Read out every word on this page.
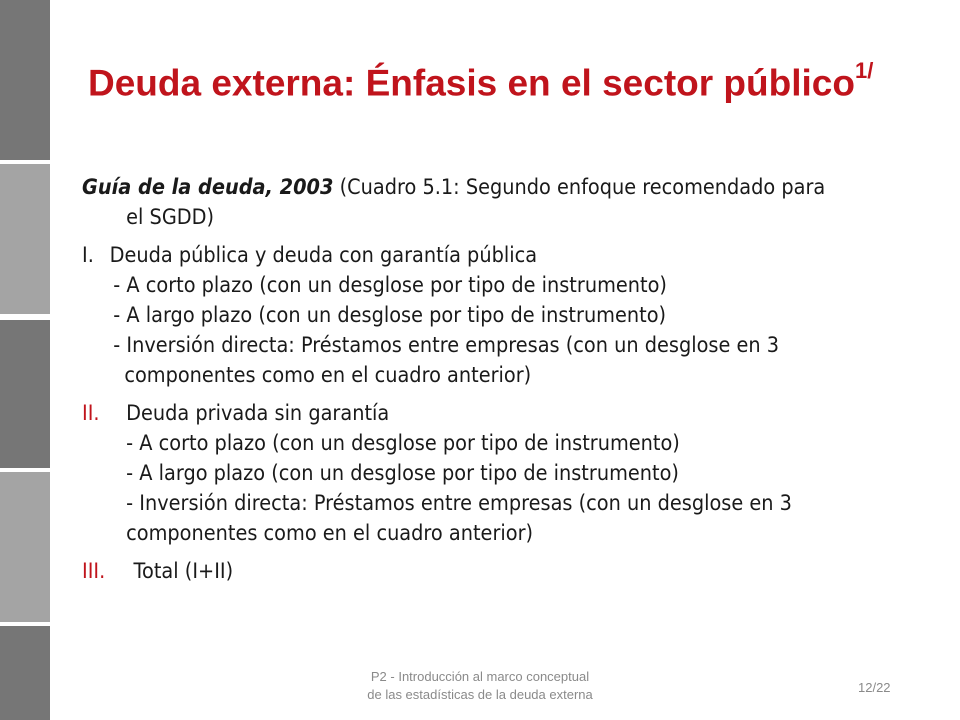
Deuda externa: Énfasis en el sector público$^{1/}$

Guía de la deuda, 2003 (Cuadro 5.1: Segundo enfoque recomendado para

el SGDD)

I. Deuda pública y deuda con garantía pública

- A corto plazo (con un desglose por tipo de instrumento)

- A largo plazo (con un desglose por tipo de instrumento)

- Inversión directa: Préstamos entre empresas (con un desglose en 3

componentes como en el cuadro anterior)

II. Deuda privada sin garantía

- A corto plazo (con un desglose por tipo de instrumento)

- A largo plazo (con un desglose por tipo de instrumento)

- Inversión directa: Préstamos entre empresas (con un desglose en 3

componentes como en el cuadro anterior)

III. Total (I+II)

P2 - Introducción al marco conceptual
de las estadísticas de la deuda externa	12/22
